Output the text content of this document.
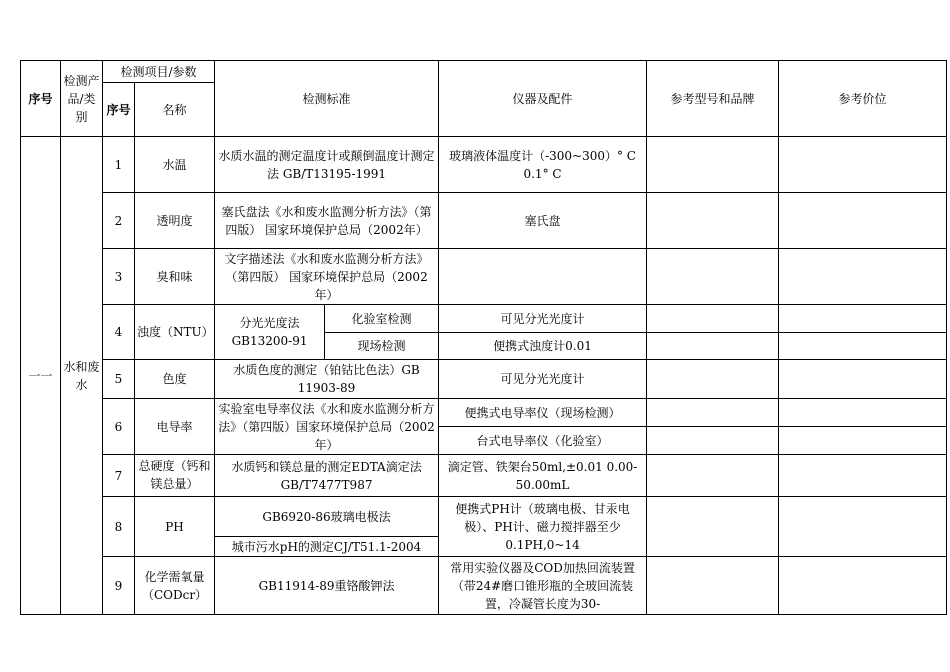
序号	检测产品/类别	检测项目/参数		检测标准		仪器及配件	参考型号和品牌	参考价位
		序号	名称					
一一	水和废水	1	水温	水质水温的测定温度计或颠倒温度计测定法 GB/T13195-1991		玻璃液体温度计（-300~300）° C 0.1° C		
		2	透明度	塞氏盘法《水和废水监测分析方法》（第四版） 国家环境保护总局（2002年）		塞氏盘		
		3	臭和味	文字描述法《水和废水监测分析方法》（第四版） 国家环境保护总局（2002年）				
		4	浊度（NTU）	分光光度法 GB13200-91	化验室检测	可见分光光度计		
					现场检测	便携式浊度计0.01		
		5	色度	水质色度的测定（铂钴比色法）GB 11903-89		可见分光光度计		
		6	电导率	实验室电导率仪法《水和废水监测分析方法》（第四版）国家环境保护总局（2002年）		便携式电导率仪（现场检测）		
						台式电导率仪（化验室）		
		7	总硬度（钙和镁总量）	水质钙和镁总量的测定EDTA滴定法 GB/T7477T987		滴定管、铁架台50ml,±0.01 0.00-50.00mL		
		8	PH	GB6920-86玻璃电极法		便携式PH计（玻璃电极、甘汞电极）、PH计、磁力搅拌器至少0.1PH,0~14		
				城市污水pH的测定CJ/T51.1-2004				
		9	化学需氧量（CODcr）	GB11914-89重铬酸钾法		常用实验仪器及COD加热回流装置（带24#磨口锥形瓶的全玻回流装置，冷凝管长度为30-		
